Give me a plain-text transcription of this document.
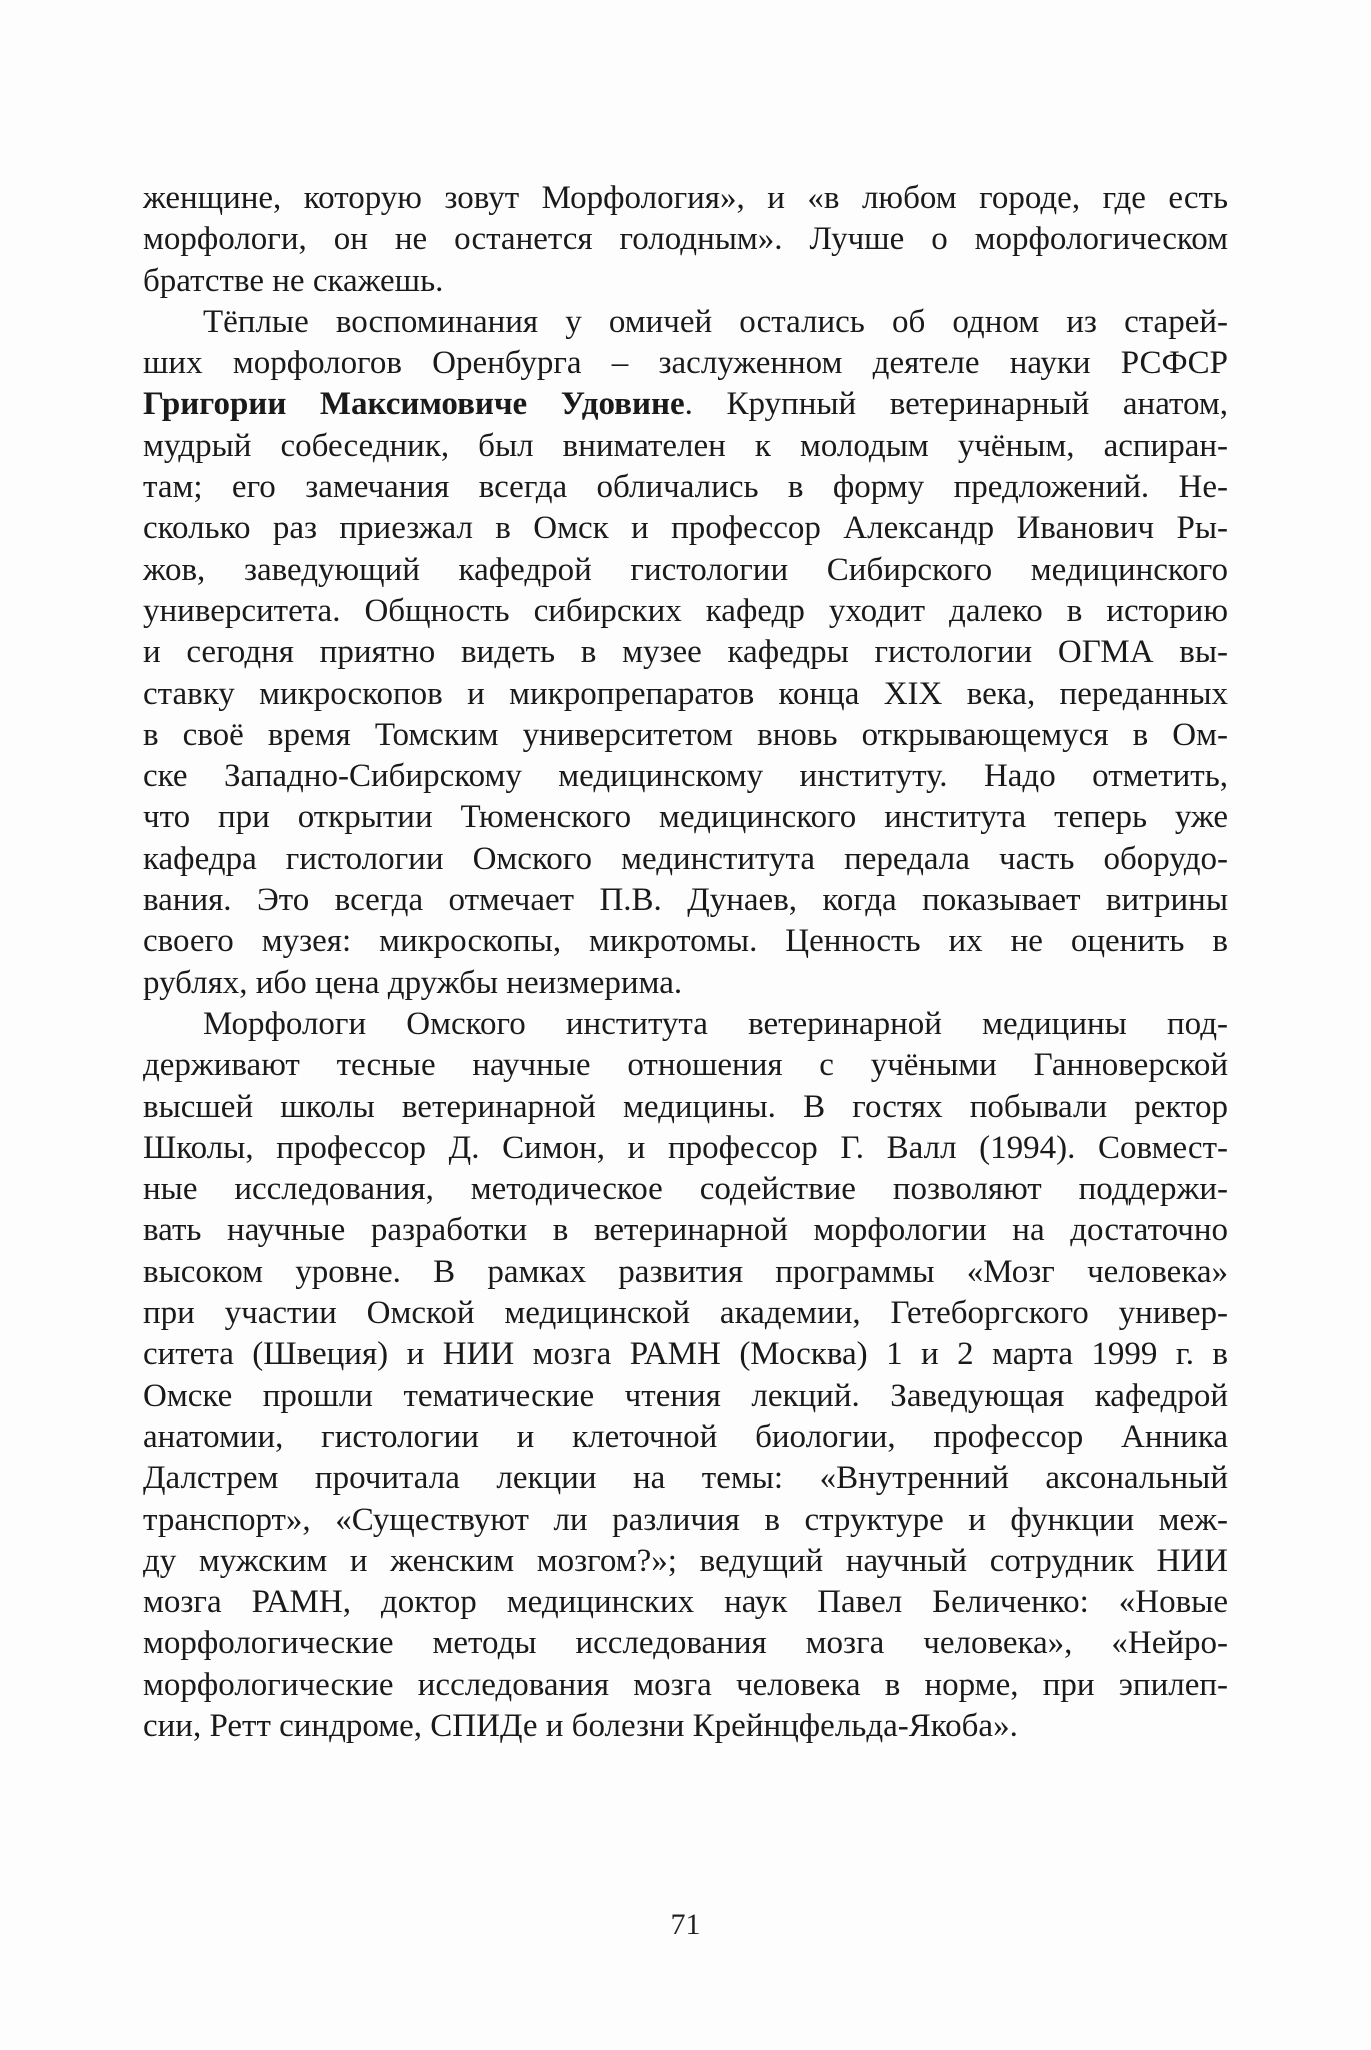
женщине, которую зовут Морфология», и «в любом городе, где есть
морфологи, он не останется голодным». Лучше о морфологическом
братстве не скажешь.

Тёплые воспоминания у омичей остались об одном из старей-
ших морфологов Оренбурга – заслуженном деятеле науки РСФСР
Григории Максимовиче Удовине. Крупный ветеринарный анатом,
мудрый собеседник, был внимателен к молодым учёным, аспиран-
там; его замечания всегда обличались в форму предложений. Не-
сколько раз приезжал в Омск и профессор Александр Иванович Ры-
жов, заведующий кафедрой гистологии Сибирского медицинского
университета. Общность сибирских кафедр уходит далеко в историю
и сегодня приятно видеть в музее кафедры гистологии ОГМА вы-
ставку микроскопов и микропрепаратов конца XIX века, переданных
в своё время Томским университетом вновь открывающемуся в Ом-
ске Западно-Сибирскому медицинскому институту. Надо отметить,
что при открытии Тюменского медицинского института теперь уже
кафедра гистологии Омского мединститута передала часть оборудо-
вания. Это всегда отмечает П.В. Дунаев, когда показывает витрины
своего музея: микроскопы, микротомы. Ценность их не оценить в
рублях, ибо цена дружбы неизмерима.

Морфологи Омского института ветеринарной медицины под-
держивают тесные научные отношения с учёными Ганноверской
высшей школы ветеринарной медицины. В гостях побывали ректор
Школы, профессор Д. Симон, и профессор Г. Валл (1994). Совмест-
ные исследования, методическое содействие позволяют поддержи-
вать научные разработки в ветеринарной морфологии на достаточно
высоком уровне. В рамках развития программы «Мозг человека»
при участии Омской медицинской академии, Гетеборгского универ-
ситета (Швеция) и НИИ мозга РАМН (Москва) 1 и 2 марта 1999 г. в
Омске прошли тематические чтения лекций. Заведующая кафедрой
анатомии, гистологии и клеточной биологии, профессор Анника
Далстрем прочитала лекции на темы: «Внутренний аксональный
транспорт», «Существуют ли различия в структуре и функции меж-
ду мужским и женским мозгом?»; ведущий научный сотрудник НИИ
мозга РАМН, доктор медицинских наук Павел Беличенко: «Новые
морфологические методы исследования мозга человека», «Нейро-
морфологические исследования мозга человека в норме, при эпилеп-
сии, Ретт синдроме, СПИДе и болезни Крейнцфельда-Якоба».

71
